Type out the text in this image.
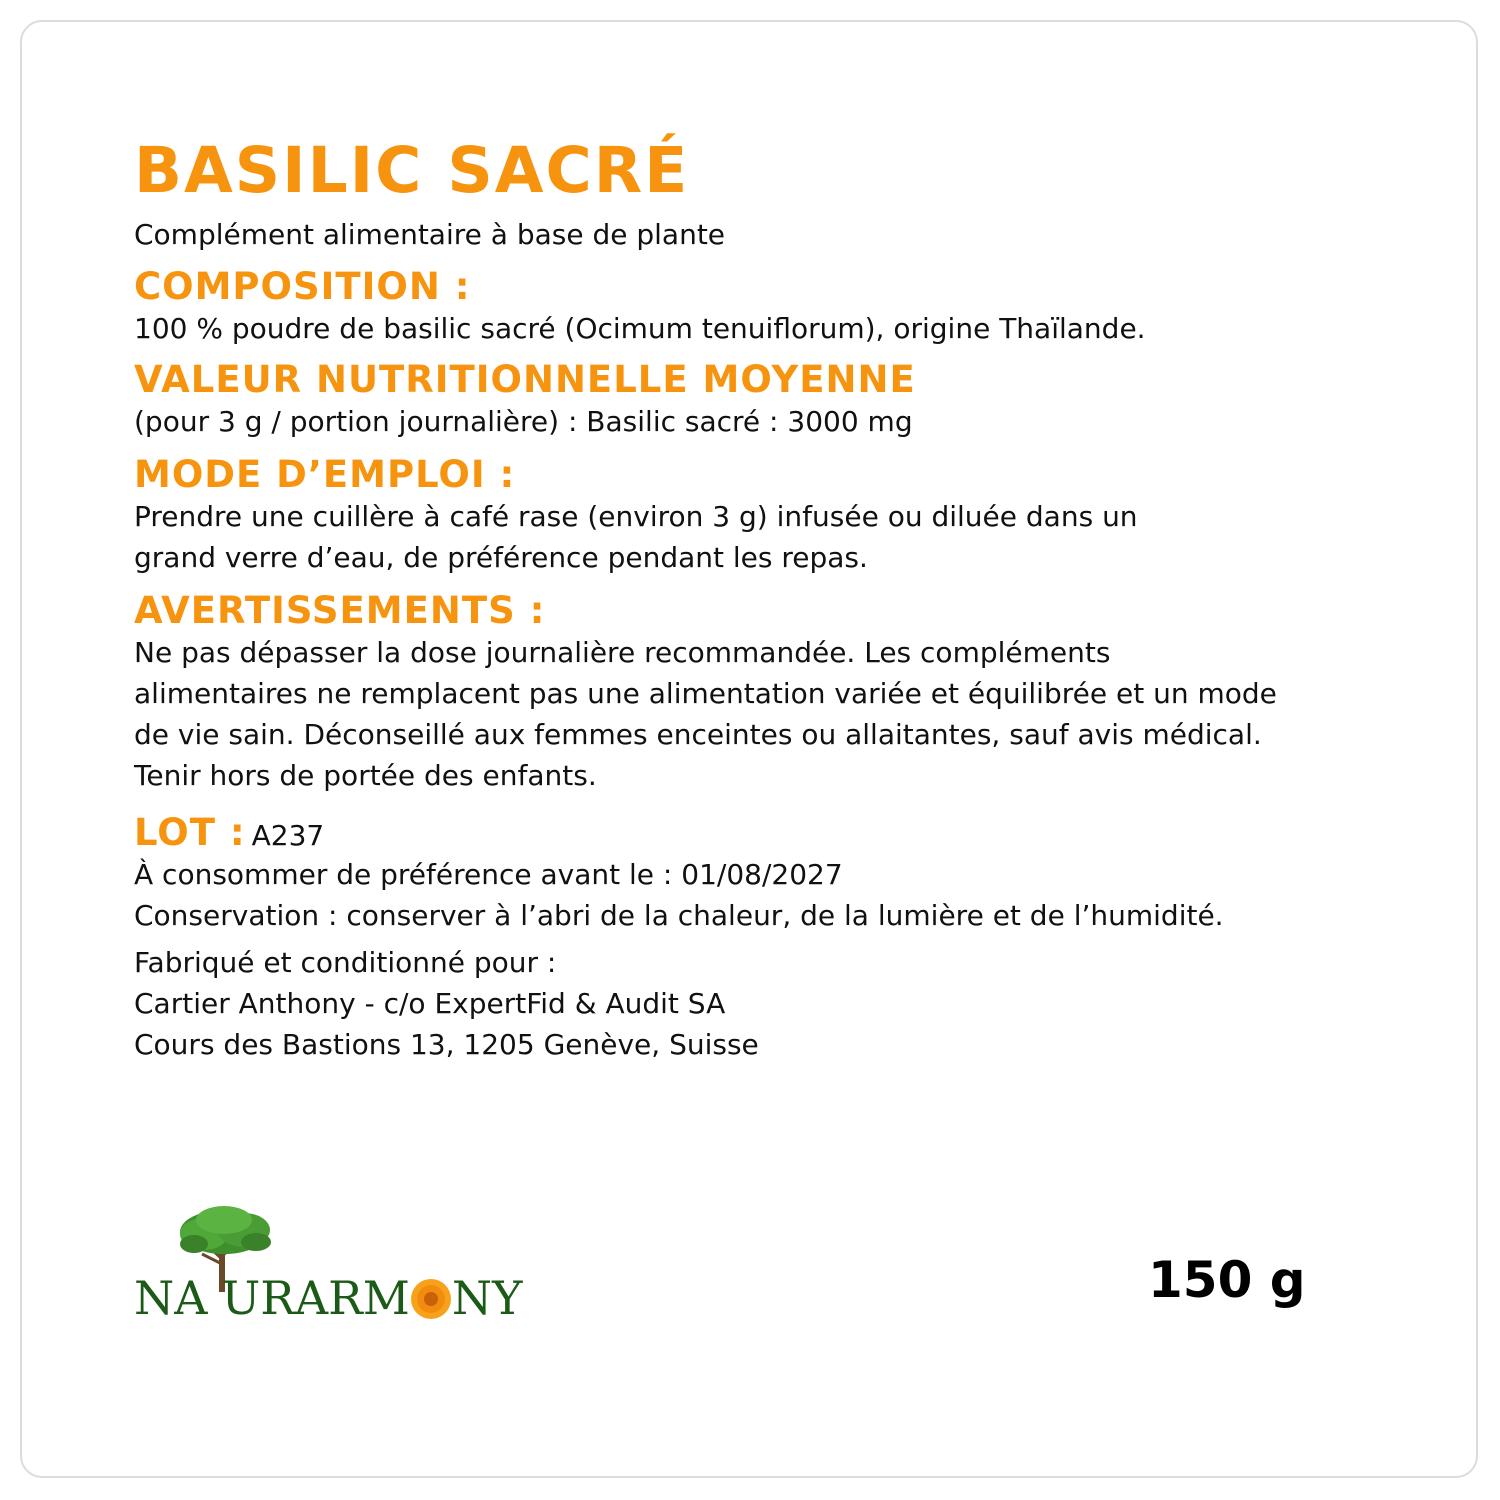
BASILIC SACRÉ
Complément alimentaire à base de plante
COMPOSITION :

100 % poudre de basilic sacré (Ocimum tenuiflorum), origine Thaïlande.

VALEUR NUTRITIONNELLE MOYENNE

(pour 3 g / portion journalière) : Basilic sacré : 3000 mg

MODE D’EMPLOI :

Prendre une cuillère à café rase (environ 3 g) infusée ou diluée dans un

grand verre d’eau, de préférence pendant les repas.

AVERTISSEMENTS :

Ne pas dépasser la dose journalière recommandée. Les compléments

alimentaires ne remplacent pas une alimentation variée et équilibrée et un mode

de vie sain. Déconseillé aux femmes enceintes ou allaitantes, sauf avis médical.

Tenir hors de portée des enfants.

LOT : A237

À consommer de préférence avant le : 01/08/2027

Conservation : conserver à l’abri de la chaleur, de la lumière et de l’humidité.

Fabriqué et conditionné pour :

Cartier Anthony - c/o ExpertFid & Audit SA

Cours des Bastions 13, 1205 Genève, Suisse

NA URARM NY	150 g
